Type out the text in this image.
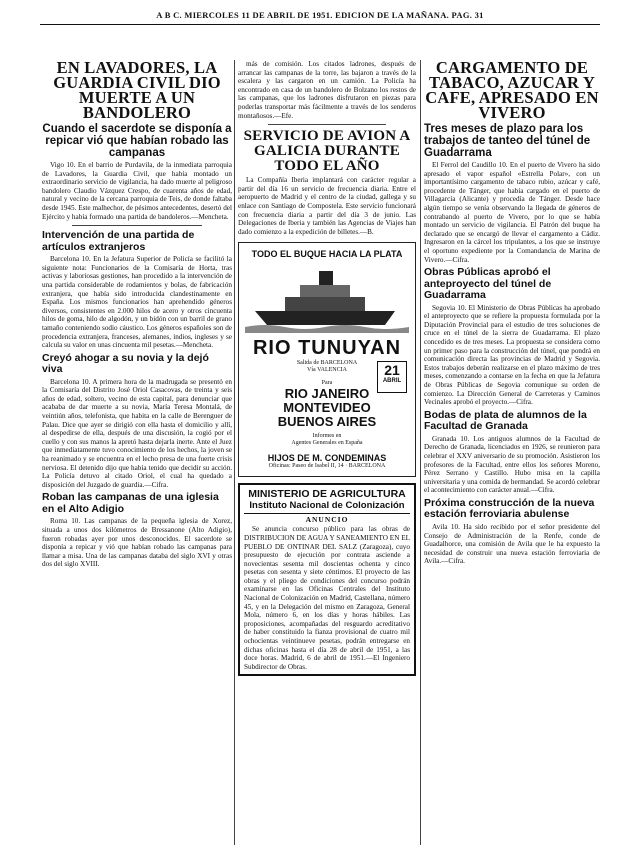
A B C. MIERCOLES 11 DE ABRIL DE 1951. EDICION DE LA MAÑANA. PAG. 31
EN LAVADORES, LA GUARDIA CIVIL DIO MUERTE A UN BANDOLERO
Cuando el sacerdote se disponía a repicar vió que habían robado las campanas

Vigo 10. En el barrio de Purdavila, de la inmediata parroquia de Lavadores, la Guardia Civil, que había montado un extraordinario servicio de vigilancia, ha dado muerte al peligroso bandolero Claudio Vázquez Crespo, de cuarenta años de edad, natural y vecino de la cercana parroquia de Teis, de donde faltaba desde 1945. Este malhechor, de pésimos antecedentes, desertó del Ejército y había formado una partida de bandoleros.—Mencheta.

Intervención de una partida de artículos extranjeros

Barcelona 10. En la Jefatura Superior de Policía se facilitó la siguiente nota: Funcionarios de la Comisaría de Horta, tras activas y laboriosas gestiones, han procedido a la intervención de una partida considerable de rodamientos y bolas, de fabricación extranjera, que había sido introducida clandestinamente en España. Los mismos funcionarios han aprehendido géneros diversos, consistentes en 2.000 hilos de acero y otros cincuenta hilos de goma, hilo de algodón, y un bidón con un barril de grano tamaño conteniendo sodio cáustico. Los géneros españoles son de procedencia extranjera, franceses, alemanes, indios, ingleses y se calcula su valor en unas cincuenta mil pesetas.—Mencheta.

Creyó ahogar a su novia y la dejó viva

Barcelona 10. A primera hora de la madrugada se presentó en la Comisaría del Distrito José Oriol Casacovas, de treinta y seis años de edad, soltero, vecino de esta capital, para denunciar que acababa de dar muerte a su novia, María Teresa Montalá, de veintiún años, telefonista, que habita en la calle de Berenguer de Palau. Dice que ayer se dirigió con ella hasta el domicilio y allí, al despedirse de ella, después de una discusión, la cogió por el cuello y con sus manos la apretó hasta dejarla inerte. Ante el Juez que inmediatamente tuvo conocimiento de los hechos, la joven se ha reanimado y se encuentra en el lecho presa de una fuerte crisis nerviosa. El detenido dijo que había tenido que decidir su acción. La Policía detuvo al citado Oriol, el cual ha quedado a disposición del Juzgado de guardia.—Cifra.

Roban las campanas de una iglesia en el Alto Adigio

Roma 10. Las campanas de la pequeña iglesia de Xorez, situada a unos dos kilómetros de Bressanone (Alto Adigio), fueron robadas ayer por unos desconocidos. El sacerdote se disponía a repicar y vió que habían robado las campanas para llamar a misa. Una de las campanas databa del siglo XVI y otras dos del siglo XVIII.

más de comisión. Los citados ladrones, después de arrancar las campanas de la torre, las bajaron a través de la escalera y las cargaron en un camión. La Policía ha encontrado en casa de un bandolero de Bolzano los restos de las campanas, que los ladrones disfrutaron en piezas para poderlas transportar más fácilmente a través de los senderos montañosos.—Efe.

SERVICIO DE AVION A GALICIA DURANTE TODO EL AÑO

La Compañía Iberia implantará con carácter regular a partir del día 16 un servicio de frecuencia diaria. Entre el aeropuerto de Madrid y el centro de la ciudad, gallega y su enlace con Santiago de Compostela. Este servicio funcionará con frecuencia diaria a partir del día 3 de junio. Las Delegaciones de Iberia y también las Agencias de Viajes han dado comienzo a la expedición de billetes.—B.

TODO EL BUQUE HACIA LA PLATA
RIO TUNUYAN
Salida de BARCELONA
Vía VALENCIA	21
ABRIL
Para
RIO JANEIRO
MONTEVIDEO
BUENOS AIRES
Informes en
Agentes Generales en España
HIJOS DE M. CONDEMINAS
Oficinas: Paseo de Isabel II, 14 · BARCELONA
MINISTERIO DE AGRICULTURA
Instituto Nacional de Colonización
ANUNCIO

Se anuncia concurso público para las obras de DISTRIBUCION DE AGUA Y SANEAMIENTO EN EL PUEBLO DE ONTINAR DEL SALZ (Zaragoza), cuyo presupuesto de ejecución por contrata asciende a novecientas sesenta mil doscientas ochenta y cinco pesetas con sesenta y siete céntimos. El proyecto de las obras y el pliego de condiciones del concurso podrán examinarse en las Oficinas Centrales del Instituto Nacional de Colonización en Madrid, Castellana, número 45, y en la Delegación del mismo en Zaragoza, General Mola, número 6, en los días y horas hábiles. Las proposiciones, acompañadas del resguardo acreditativo de haber constituido la fianza provisional de cuatro mil ochocientas veintinueve pesetas, podrán entregarse en dichas oficinas hasta el día 28 de abril de 1951, a las doce horas. Madrid, 6 de abril de 1951.—El Ingeniero Subdirector de Obras.

CARGAMENTO DE TABACO, AZUCAR Y CAFE, APRESADO EN VIVERO
Tres meses de plazo para los trabajos de tanteo del túnel de Guadarrama

El Ferrol del Caudillo 10. En el puerto de Vivero ha sido apresado el vapor español «Estrella Polar», con un importantísimo cargamento de tabaco rubio, azúcar y café, procedente de Tánger, que había cargado en el puerto de Villagarcía (Alicante) y procedía de Tánger. Desde hace algún tiempo se venía observando la llegada de géneros de contrabando al puerto de Vivero, por lo que se había montado un servicio de vigilancia. El Patrón del buque ha declarado que se encargó de llevar el cargamento a Cádiz. Ingresaron en la cárcel los tripulantes, a los que se instruye el oportuno expediente por la Comandancia de Marina de Vivero.—Cifra.

Obras Públicas aprobó el anteproyecto del túnel de Guadarrama

Segovia 10. El Ministerio de Obras Públicas ha aprobado el anteproyecto que se refiere la propuesta formulada por la Diputación Provincial para el estudio de tres soluciones de cruce en el túnel de la sierra de Guadarrama. El plazo concedido es de tres meses. La propuesta se considera como un primer paso para la construcción del túnel, que pondrá en comunicación directa las provincias de Madrid y Segovia. Estos trabajos deberán realizarse en el plazo máximo de tres meses, comenzando a contarse en la fecha en que la Jefatura de Obras Públicas de Segovia comunique su orden de comienzo. La Dirección General de Carreteras y Caminos Vecinales aprobó el proyecto.—Cifra.

Bodas de plata de alumnos de la Facultad de Granada

Granada 10. Los antiguos alumnos de la Facultad de Derecho de Granada, licenciados en 1926, se reunieron para celebrar el XXV aniversario de su promoción. Asistieron los profesores de la Facultad, entre ellos los señores Moreno, Pérez Serrano y Castillo. Hubo misa en la capilla universitaria y una comida de hermandad. Se acordó celebrar el acontecimiento con carácter anual.—Cifra.

Próxima construcción de la nueva estación ferroviaria abulense

Avila 10. Ha sido recibido por el señor presidente del Consejo de Administración de la Renfe, conde de Guadalhorce, una comisión de Avila que le ha expuesto la necesidad de construir una nueva estación ferroviaria de Avila.—Cifra.
